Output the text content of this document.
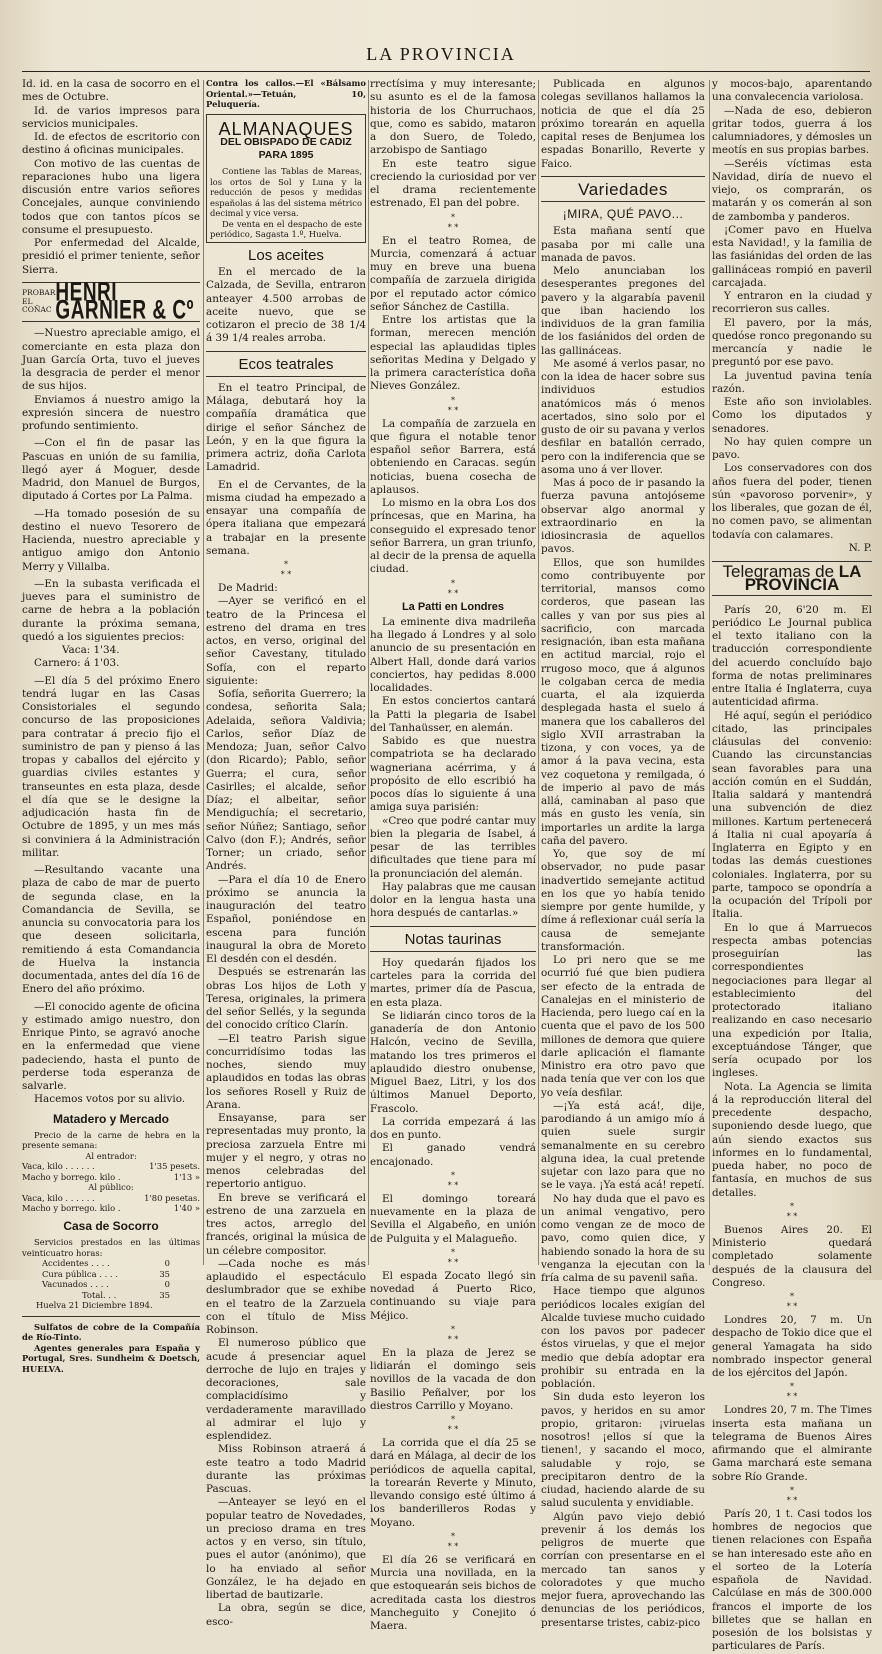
LA PROVINCIA

Id. id. en la casa de socorro en el mes de Octubre.

Id. de varios impresos para servicios municipales.

Id. de efectos de escritorio con destino á oficinas municipales.

Con motivo de las cuentas de reparaciones hubo una ligera discusión entre varios señores Concejales, aunque conviniendo todos que con tantos pícos se consume el presupuesto.

Por enfermedad del Alcalde, presidió el primer teniente, señor Sierra.

PROBAR EL COÑAC
HENRI GARNIER & Cº

—Nuestro apreciable amigo, el comerciante en esta plaza don Juan García Orta, tuvo el jueves la desgracia de perder el menor de sus hijos.

Enviamos á nuestro amigo la expresión sincera de nuestro profundo sentimiento.

—Con el fin de pasar las Pascuas en unión de su familia, llegó ayer á Moguer, desde Madrid, don Manuel de Burgos, diputado á Cortes por La Palma.

—Ha tomado posesión de su destino el nuevo Tesorero de Hacienda, nuestro apreciable y antiguo amigo don Antonio Merry y Villalba.

—En la subasta verificada el jueves para el suministro de carne de hebra a la población durante la próxima semana, quedó a los siguientes precios:

Vaca: 1'34.

Carnero: á 1'03.

—El día 5 del próximo Enero tendrá lugar en las Casas Consistoriales el segundo concurso de las proposiciones para contratar á precio fijo el suministro de pan y pienso á las tropas y caballos del ejército y guardias civiles estantes y transeuntes en esta plaza, desde el día que se le designe la adjudicación hasta fin de Octubre de 1895, y un mes más si conviniera á la Administración militar.

—Resultando vacante una plaza de cabo de mar de puerto de segunda clase, en la Comandancia de Sevilla, se anuncia su convocatoria para los que deseen solicitarla, remitiendo á esta Comandancia de Huelva la instancia documentada, antes del día 16 de Enero del año próximo.

—El conocido agente de oficina y estimado amigo nuestro, don Enrique Pinto, se agravó anoche en la enfermedad que viene padeciendo, hasta el punto de perderse toda esperanza de salvarle.

Hacemos votos por su alivio.

Matadero y Mercado

Precio de la carne de hebra en la presente semana:

Al entrador:
Vaca, kilo . . . . . .	1'35 pesets.
Macho y borrego. kilo .	1'13 »
Al público:
Vaca, kilo . . . . . .	1'80 pesetas.
Macho y borrego. kilo .	1'40 »
Casa de Socorro

Servicios prestados en las últimas veinticuatro horas:

Accidentes . . . .	0
Cura pública . . . .	35
Vacunados . . . .	0
Total. . .	35
Huelva 21 Diciembre 1894.

Sulfatos de cobre de la Compañía de Río-Tinto.

Agentes generales para España y Portugal, Sres. Sundheim & Doetsch, HUELVA.

Contra los callos.—El «Bálsamo Oriental.»—Tetuán, 10, Peluquería.

ALMANAQUES
DEL OBISPADO DE CADIZ PARA 1895

Contiene las Tablas de Mareas, los ortos de Sol y Luna y la reducción de pesos y medidas españolas á las del sistema métrico decimal y vice versa.

De venta en el despacho de este periódico, Sagasta 1.º, Huelva.

Los aceites

En el mercado de la Calzada, de Sevilla, entraron anteayer 4.500 arrobas de aceite nuevo, que se cotizaron el precio de 38 1/4 á 39 1/4 reales arroba.

Ecos teatrales

En el teatro Principal, de Málaga, debutará hoy la compañía dramática que dirige el señor Sánchez de León, y en la que figura la primera actriz, doña Carlota Lamadrid.

En el de Cervantes, de la misma ciudad ha empezado a ensayar una compañía de ópera italiana que empezará a trabajar en la presente semana.

*
* *

De Madrid:

—Ayer se verificó en el teatro de la Princesa el estreno del drama en tres actos, en verso, original del señor Cavestany, titulado Sofía, con el reparto siguiente:

Sofía, señorita Guerrero; la condesa, señorita Sala; Adelaida, señora Valdivia; Carlos, señor Díaz de Mendoza; Juan, señor Calvo (don Ricardo); Pablo, señor Guerra; el cura, señor Casirlles; el alcalde, señor Díaz; el albeitar, señor Mendiguchía; el secretario, señor Núñez; Santiago, señor Calvo (don F.); Andrés, señor Torner; un criado, señor Andrés.

—Para el día 10 de Enero próximo se anuncia la inauguración del teatro Español, poniéndose en escena para función inaugural la obra de Moreto El desdén con el desdén.

Después se estrenarán las obras Los hijos de Loth y Teresa, originales, la primera del señor Sellés, y la segunda del conocido crítico Clarín.

—El teatro Parish sigue concurridísimo todas las noches, siendo muy aplaudidos en todas las obras los señores Rosell y Ruiz de Arana.

Ensayanse, para ser representadas muy pronto, la preciosa zarzuela Entre mi mujer y el negro, y otras no menos celebradas del repertorio antiguo.

En breve se verificará el estreno de una zarzuela en tres actos, arreglo del francés, original la música de un célebre compositor.

—Cada noche es más aplaudido el espectáculo deslumbrador que se exhibe en el teatro de la Zarzuela con el título de Miss Robinson.

El numeroso público que acude á presenciar aquel derroche de lujo en trajes y decoraciones, sale complacidísimo y verdaderamente maravillado al admirar el lujo y esplendidez.

Miss Robinson atraerá á este teatro a todo Madrid durante las próximas Pascuas.

—Anteayer se leyó en el popular teatro de Novedades, un precioso drama en tres actos y en verso, sin título, pues el autor (anónimo), que lo ha enviado al señor González, le ha dejado en libertad de bautizarle.

La obra, según se dice, esco-

rrectísima y muy interesante; su asunto es el de la famosa historia de los Churruchaos, que, como es sabido, mataron a don Suero, de Toledo, arzobispo de Santiago

En este teatro sigue creciendo la curiosidad por ver el drama recientemente estrenado, El pan del pobre.

*
* *

En el teatro Romea, de Murcia, comenzará á actuar muy en breve una buena compañía de zarzuela dirigida por el reputado actor cómico señor Sánchez de Castilla.

Entre los artistas que la forman, merecen mención especial las aplaudidas tiples señoritas Medina y Delgado y la primera característica doña Nieves González.

*
* *

La compañía de zarzuela en que figura el notable tenor español señor Barrera, está obteniendo en Caracas. según noticias, buena cosecha de aplausos.

Lo mismo en la obra Los dos príncesas, que en Marina, ha conseguido el expresado tenor señor Barrera, un gran triunfo, al decir de la prensa de aquella ciudad.

*
* *
La Patti en Londres

La eminente diva madrileña ha llegado á Londres y al solo anuncio de su presentación en Albert Hall, donde dará varios conciertos, hay pedidas 8.000 localidades.

En estos conciertos cantará la Patti la plegaria de Isabel del Tanhaüsser, en alemán.

Sabido es que nuestra compatriota se ha declarado wagneriana acérrima, y á propósito de ello escribió ha pocos días lo siguiente á una amiga suya parisién:

«Creo que podré cantar muy bien la plegaria de Isabel, á pesar de las terribles dificultades que tiene para mí la pronunciación del alemán.

Hay palabras que me causan dolor en la lengua hasta una hora después de cantarlas.»

Notas taurinas

Hoy quedarán fijados los carteles para la corrida del martes, primer día de Pascua, en esta plaza.

Se lidiarán cinco toros de la ganadería de don Antonio Halcón, vecino de Sevilla, matando los tres primeros el aplaudido diestro onubense, Miguel Baez, Litri, y los dos últimos Manuel Deporto, Frascolo.

La corrida empezará á las dos en punto.

El ganado vendrá encajonado.

*
* *

El domingo toreará nuevamente en la plaza de Sevilla el Algabeño, en unión de Pulguita y el Malagueño.

*
* *

El espada Zocato llegó sin novedad á Puerto Rico, continuando su viaje para Méjico.

*
* *

En la plaza de Jerez se lidiarán el domingo seis novillos de la vacada de don Basilio Peñalver, por los diestros Carrillo y Moyano.

*
* *

La corrida que el día 25 se dará en Málaga, al decir de los periódicos de aquella capital, la torearán Reverte y Minuto, llevando consigo esté último á los banderilleros Rodas y Moyano.

*
* *

El día 26 se verificará en Murcia una novillada, en la que estoquearán seis bichos de acreditada casta los diestros Mancheguito y Conejito ó Maera.

Publicada en algunos colegas sevillanos hallamos la noticia de que el día 25 próximo torearán en aquella capital reses de Benjumea los espadas Bonarillo, Reverte y Faico.

Variedades
¡MIRA, QUÉ PAVO...

Esta mañana sentí que pasaba por mi calle una manada de pavos.

Melo anunciaban los desesperantes pregones del pavero y la algarabía pavenil que iban haciendo los individuos de la gran familia de los fasiánidos del orden de las gallináceas.

Me asomé á verlos pasar, no con la idea de hacer sobre sus individuos estudios anatómicos más ó menos acertados, sino solo por el gusto de oir su pavana y verlos desfilar en batallón cerrado, pero con la indiferencia que se asoma uno á ver llover.

Mas á poco de ir pasando la fuerza pavuna antojóseme observar algo anormal y extraordinario en la idiosincrasia de aquellos pavos.

Ellos, que son humildes como contribuyente por territorial, mansos como corderos, que pasean las calles y van por sus pies al sacrificio, con marcada resignación, iban esta mañana en actitud marcial, rojo el rrugoso moco, que á algunos le colgaban cerca de media cuarta, el ala izquierda desplegada hasta el suelo á manera que los caballeros del siglo XVII arrastraban la tizona, y con voces, ya de amor á la pava vecina, esta vez coquetona y remilgada, ó de imperio al pavo de más allá, caminaban al paso que más en gusto les venía, sin importarles un ardite la larga caña del pavero.

Yo, que soy de mí observador, no pude pasar inadvertido semejante actitud en los que yo había tenido siempre por gente humilde, y díme á reflexionar cuál sería la causa de semejante transformación.

Lo pri nero que se me ocurrió fué que bien pudiera ser efecto de la entrada de Canalejas en el ministerio de Hacienda, pero luego caí en la cuenta que el pavo de los 500 millones de demora que quiere darle aplicación el flamante Ministro era otro pavo que nada tenía que ver con los que yo veía desfilar.

—¡Ya está acá!, dije, parodiando á un amigo mío á quien suele surgir semanalmente en su cerebro alguna idea, la cual pretende sujetar con lazo para que no se le vaya. ¡Ya está acá! repetí.

No hay duda que el pavo es un animal vengativo, pero como vengan ze de moco de pavo, como quien dice, y habiendo sonado la hora de su venganza la ejecutan con la fría calma de su pavenil saña.

Hace tiempo que algunos periódicos locales exigían del Alcalde tuviese mucho cuidado con los pavos por padecer éstos viruelas, y que el mejor medio que debía adoptar era prohibir su entrada en la población.

Sin duda esto leyeron los pavos, y heridos en su amor propio, gritaron: ¡viruelas nosotros! ¡ellos sí que la tienen!, y sacando el moco, saludable y rojo, se precipitaron dentro de la ciudad, haciendo alarde de su salud suculenta y envidiable.

Algún pavo viejo debió prevenir á los demás los peligros de muerte que corrían con presentarse en el mercado tan sanos y coloradotes y que mucho mejor fuera, aprovechando las denuncias de los periódicos, presentarse tristes, cabiz-pico

y mocos-bajo, aparentando una convalecencia variolosa.

—Nada de eso, debieron gritar todos, guerra á los calumniadores, y démosles un meotís en sus propias barbes.

—Seréis víctimas esta Navidad, diría de nuevo el viejo, os comprarán, os matarán y os comerán al son de zambomba y panderos.

¡Comer pavo en Huelva esta Navidad!, y la familia de las fasiánidas del orden de las gallináceas rompió en paveril carcajada.

Y entraron en la ciudad y recorrieron sus calles.

El pavero, por la más, quedóse ronco pregonando su mercancía y nadie le preguntó por ese pavo.

La juventud pavina tenía razón.

Este año son inviolables. Como los diputados y senadores.

No hay quien compre un pavo.

Los conservadores con dos años fuera del poder, tienen sún «pavoroso porvenir», y los liberales, que gozan de él, no comen pavo, se alimentan todavía con calamares.

N. P.
Telegramas de LA PROVINCIA

París 20, 6'20 m. El periódico Le Journal publica el texto italiano con la traducción correspondiente del acuerdo concluído bajo forma de notas preliminares entre Italia é Inglaterra, cuya autenticidad afirma.

Hé aquí, según el periódico citado, las principales cláusulas del convenio: Cuando las circunstancias sean favorables para una acción común en el Suddán, Italia saldará y mantendrá una subvención de diez millones. Kartum pertenecerá á Italia ni cual apoyaría á Inglaterra en Egipto y en todas las demás cuestiones coloniales. Inglaterra, por su parte, tampoco se opondría a la ocupación del Trípoli por Italia.

En lo que á Marruecos respecta ambas potencias proseguirían las correspondientes negociaciones para llegar al establecimiento del protectorado italiano realizando en caso necesario una expedición por Italia, exceptuándose Tánger, que sería ocupado por los ingleses.

Nota. La Agencia se limita á la reproducción literal del precedente despacho, suponiendo desde luego, que aún siendo exactos sus informes en lo fundamental, pueda haber, no poco de fantasía, en muchos de sus detalles.

*
* *

Buenos Aires 20. El Ministerio quedará completado solamente después de la clausura del Congreso.

*
* *

Londres 20, 7 m. Un despacho de Tokio dice que el general Yamagata ha sido nombrado inspector general de los ejércitos del Japón.

*
* *

Londres 20, 7 m. The Times inserta esta mañana un telegrama de Buenos Aires afirmando que el almirante Gama marchará este semana sobre Río Grande.

*
* *

París 20, 1 t. Casi todos los hombres de negocios que tienen relaciones con España se han interesado este año en el sorteo de la Lotería española de Navidad. Calcúlase en más de 300.000 francos el importe de los billetes que se hallan en posesión de los bolsistas y particulares de París.
